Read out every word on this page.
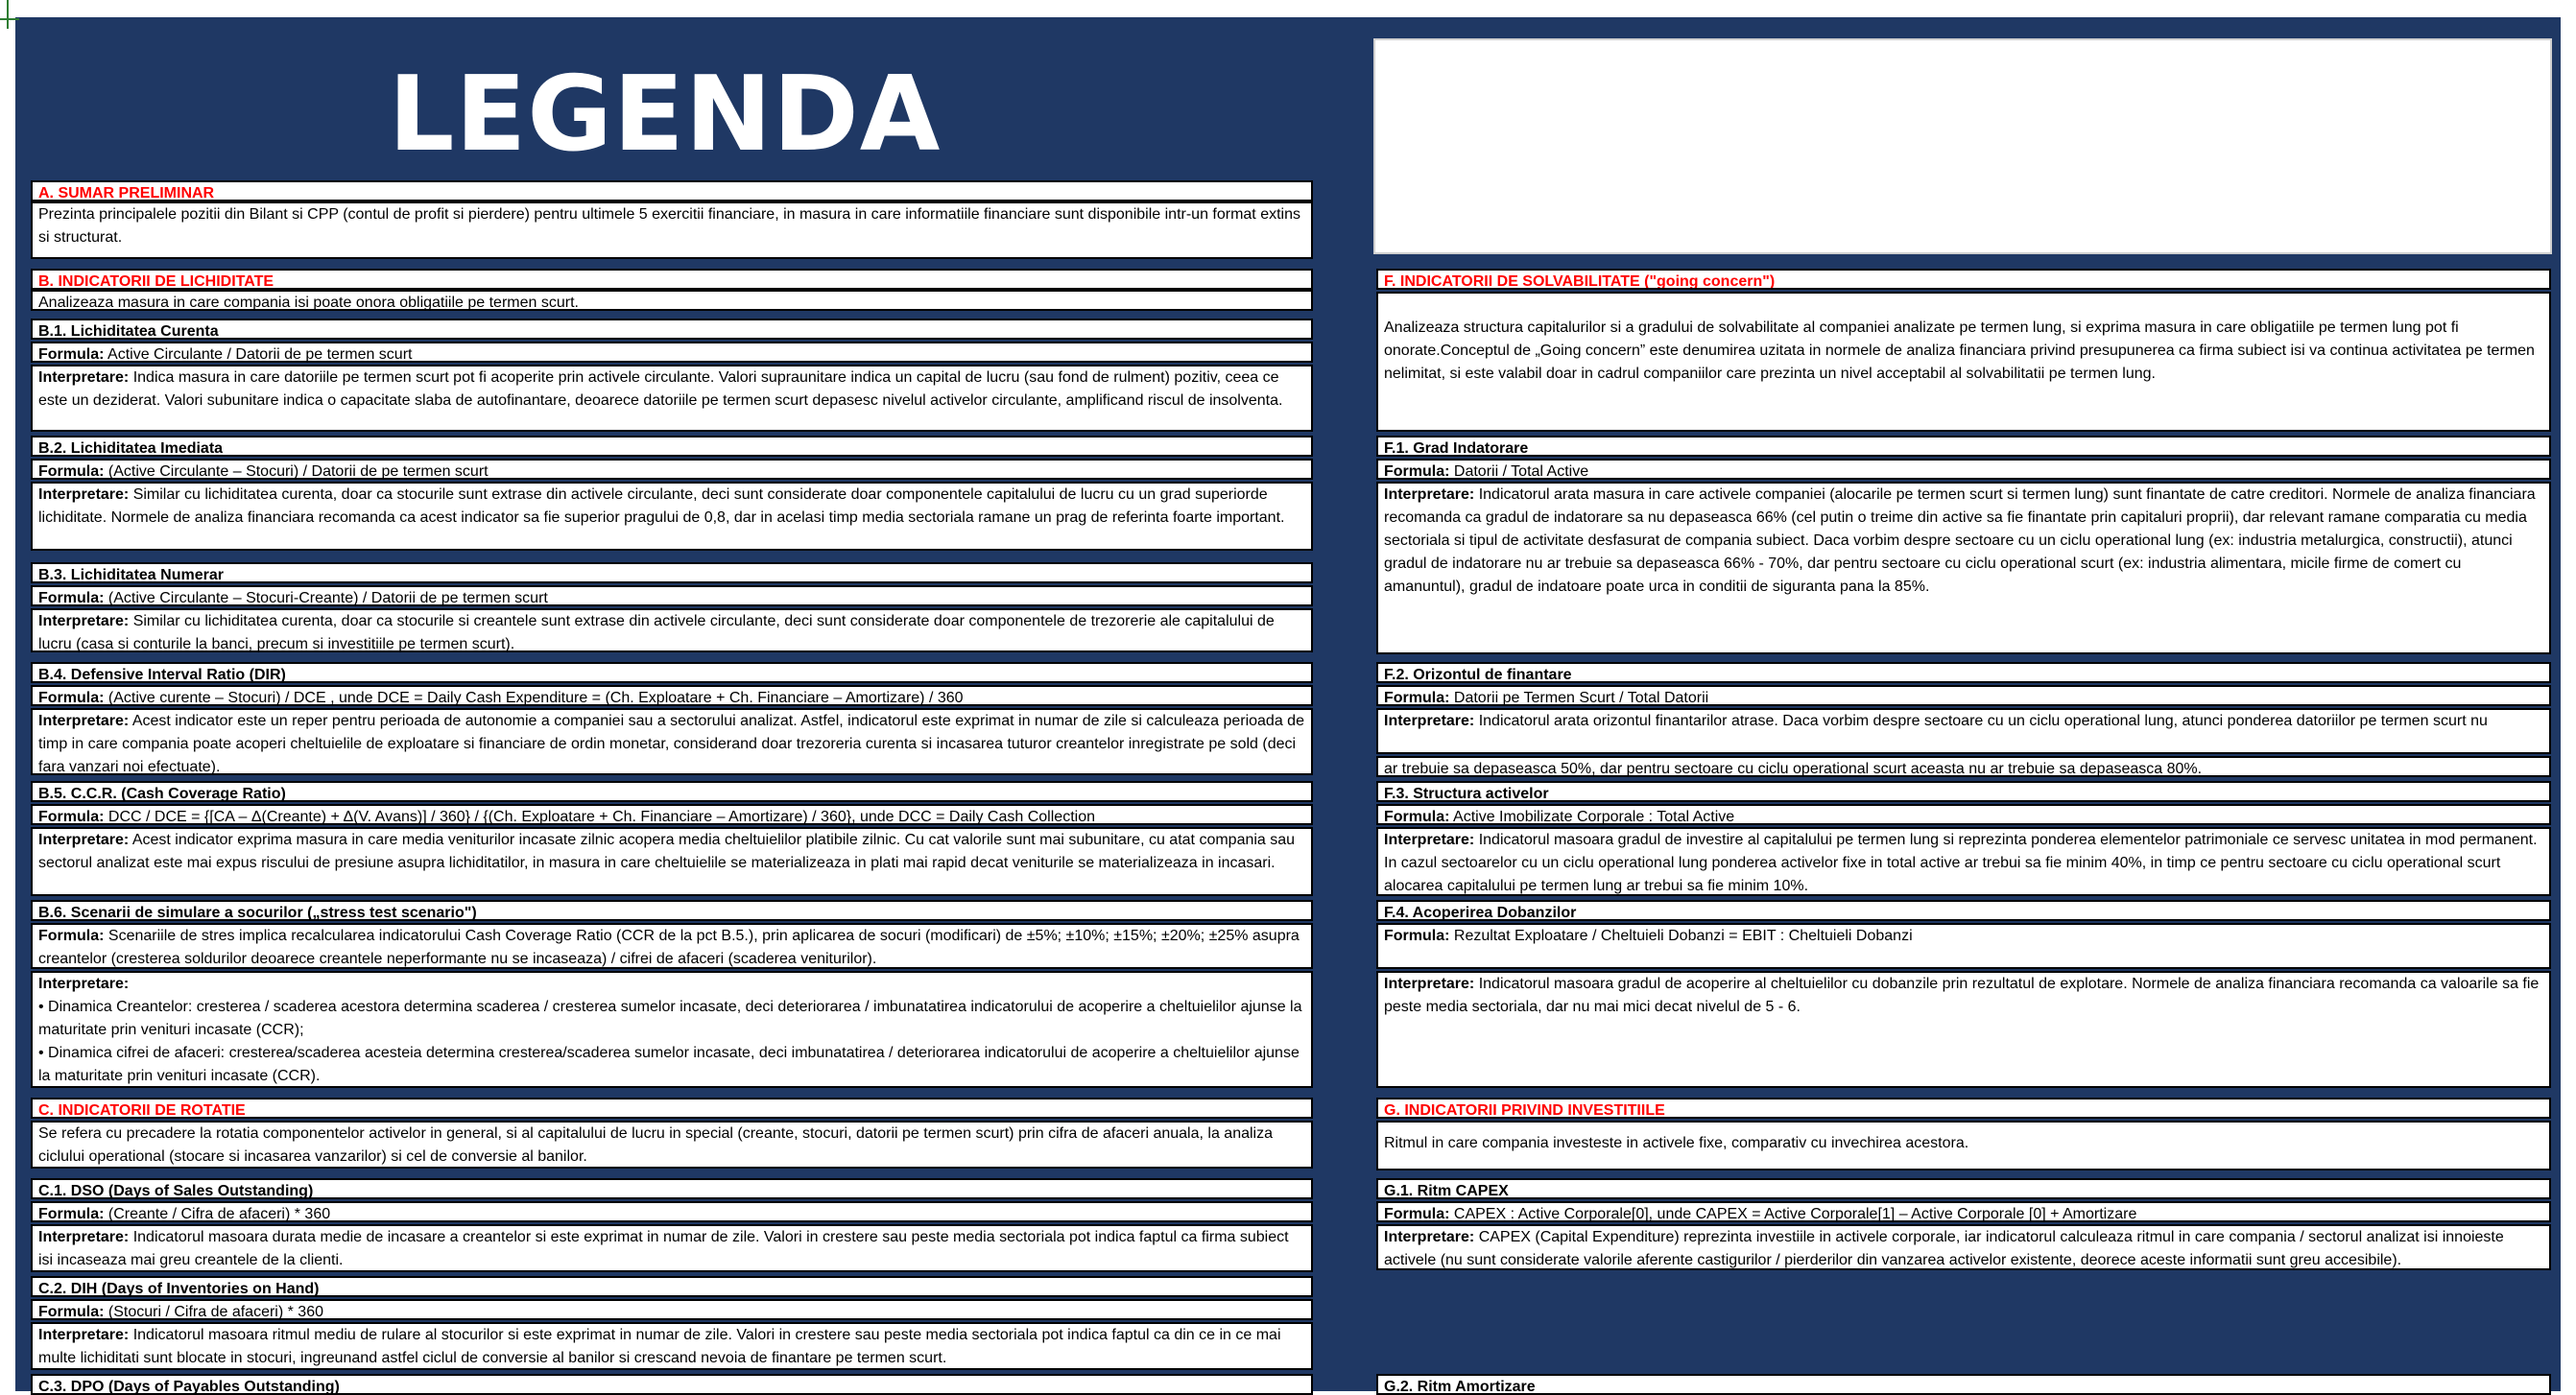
LEGENDA
A. SUMAR PRELIMINAR
Prezinta principalele pozitii din Bilant si CPP (contul de profit si pierdere) pentru ultimele 5 exercitii financiare, in masura in care informatiile financiare sunt disponibile intr-un format extins si structurat.
B. INDICATORII DE LICHIDITATE
Analizeaza masura in care compania isi poate onora obligatiile pe termen scurt.
B.1. Lichiditatea Curenta
Formula: Active Circulante / Datorii de pe termen scurt
Interpretare: Indica masura in care datoriile pe termen scurt pot fi acoperite prin activele circulante. Valori supraunitare indica un capital de lucru (sau fond de rulment) pozitiv, ceea ce este un deziderat. Valori subunitare indica o capacitate slaba de autofinantare, deoarece datoriile pe termen scurt depasesc nivelul activelor circulante, amplificand riscul de insolventa.
B.2. Lichiditatea Imediata
Formula: (Active Circulante – Stocuri) / Datorii de pe termen scurt
Interpretare: Similar cu lichiditatea curenta, doar ca stocurile sunt extrase din activele circulante, deci sunt considerate doar componentele capitalului de lucru cu un grad superiorde lichiditate. Normele de analiza financiara recomanda ca acest indicator sa fie superior pragului de 0,8, dar in acelasi timp media sectoriala ramane un prag de referinta foarte important.
B.3. Lichiditatea Numerar
Formula: (Active Circulante – Stocuri-Creante) / Datorii de pe termen scurt
Interpretare: Similar cu lichiditatea curenta, doar ca stocurile si creantele sunt extrase din activele circulante, deci sunt considerate doar componentele de trezorerie ale capitalului de lucru (casa si conturile la banci, precum si investitiile pe termen scurt).
B.4. Defensive Interval Ratio (DIR)
Formula: (Active curente – Stocuri) / DCE , unde DCE = Daily Cash Expenditure = (Ch. Exploatare + Ch. Financiare – Amortizare) / 360
Interpretare: Acest indicator este un reper pentru perioada de autonomie a companiei sau a sectorului analizat. Astfel, indicatorul este exprimat in numar de zile si calculeaza perioada de timp in care compania poate acoperi cheltuielile de exploatare si financiare de ordin monetar, considerand doar trezoreria curenta si incasarea tuturor creantelor inregistrate pe sold (deci fara vanzari noi efectuate).
B.5. C.C.R. (Cash Coverage Ratio)
Formula: DCC / DCE = {[CA – Δ(Creante) + Δ(V. Avans)] / 360} / {(Ch. Exploatare + Ch. Financiare – Amortizare) / 360}, unde DCC = Daily Cash Collection
Interpretare: Acest indicator exprima masura in care media veniturilor incasate zilnic acopera media cheltuielilor platibile zilnic. Cu cat valorile sunt mai subunitare, cu atat compania sau sectorul analizat este mai expus riscului de presiune asupra lichiditatilor, in masura in care cheltuielile se materializeaza in plati mai rapid decat veniturile se materializeaza in incasari.
B.6. Scenarii de simulare a socurilor („stress test scenario")
Formula: Scenariile de stres implica recalcularea indicatorului Cash Coverage Ratio (CCR de la pct B.5.), prin aplicarea de socuri (modificari) de ±5%; ±10%; ±15%; ±20%; ±25% asupra creantelor (cresterea soldurilor deoarece creantele neperformante nu se incaseaza) / cifrei de afaceri (scaderea veniturilor).
Interpretare:
• Dinamica Creantelor: cresterea / scaderea acestora determina scaderea / cresterea sumelor incasate, deci deteriorarea / imbunatatirea indicatorului de acoperire a cheltuielilor ajunse la maturitate prin venituri incasate (CCR);
• Dinamica cifrei de afaceri: cresterea/scaderea acesteia determina cresterea/scaderea sumelor incasate, deci imbunatatirea / deteriorarea indicatorului de acoperire a cheltuielilor ajunse la maturitate prin venituri incasate (CCR).
C. INDICATORII DE ROTATIE
Se refera cu precadere la rotatia componentelor activelor in general, si al capitalului de lucru in special (creante, stocuri, datorii pe termen scurt) prin cifra de afaceri anuala, la analiza ciclului operational (stocare si incasarea vanzarilor) si cel de conversie al banilor.
C.1. DSO (Days of Sales Outstanding)
Formula: (Creante / Cifra de afaceri) * 360
Interpretare: Indicatorul masoara durata medie de incasare a creantelor si este exprimat in numar de zile. Valori in crestere sau peste media sectoriala pot indica faptul ca firma subiect isi incaseaza mai greu creantele de la clienti.
C.2. DIH (Days of Inventories on Hand)
Formula: (Stocuri / Cifra de afaceri) * 360
Interpretare: Indicatorul masoara ritmul mediu de rulare al stocurilor si este exprimat in numar de zile. Valori in crestere sau peste media sectoriala pot indica faptul ca din ce in ce mai multe lichiditati sunt blocate in stocuri, ingreunand astfel ciclul de conversie al banilor si crescand nevoia de finantare pe termen scurt.
C.3. DPO (Days of Payables Outstanding)
F. INDICATORII DE SOLVABILITATE ("going concern")
Analizeaza structura capitalurilor si a gradului de solvabilitate al companiei analizate pe termen lung, si exprima masura in care obligatiile pe termen lung pot fi onorate.Conceptul de „Going concern” este denumirea uzitata in normele de analiza financiara privind presupunerea ca firma subiect isi va continua activitatea pe termen nelimitat, si este valabil doar in cadrul companiilor care prezinta un nivel acceptabil al solvabilitatii pe termen lung.
F.1. Grad Indatorare
Formula: Datorii / Total Active
Interpretare: Indicatorul arata masura in care activele companiei (alocarile pe termen scurt si termen lung) sunt finantate de catre creditori. Normele de analiza financiara recomanda ca gradul de indatorare sa nu depaseasca 66% (cel putin o treime din active sa fie finantate prin capitaluri proprii), dar relevant ramane comparatia cu media sectoriala si tipul de activitate desfasurat de compania subiect. Daca vorbim despre sectoare cu un ciclu operational lung (ex: industria metalurgica, constructii), atunci gradul de indatorare nu ar trebuie sa depaseasca 66% - 70%, dar pentru sectoare cu ciclu operational scurt (ex: industria alimentara, micile firme de comert cu amanuntul), gradul de indatoare poate urca in conditii de siguranta pana la 85%.
F.2. Orizontul de finantare
Formula: Datorii pe Termen Scurt / Total Datorii
Interpretare: Indicatorul arata orizontul finantarilor atrase. Daca vorbim despre sectoare cu un ciclu operational lung, atunci ponderea datoriilor pe termen scurt nu
ar trebuie sa depaseasca 50%, dar pentru sectoare cu ciclu operational scurt aceasta nu ar trebuie sa depaseasca 80%.
F.3. Structura activelor
Formula: Active Imobilizate Corporale : Total Active
Interpretare: Indicatorul masoara gradul de investire al capitalului pe termen lung si reprezinta ponderea elementelor patrimoniale ce servesc unitatea in mod permanent. In cazul sectoarelor cu un ciclu operational lung ponderea activelor fixe in total active ar trebui sa fie minim 40%, in timp ce pentru sectoare cu ciclu operational scurt alocarea capitalului pe termen lung ar trebui sa fie minim 10%.
F.4. Acoperirea Dobanzilor
Formula: Rezultat Exploatare / Cheltuieli Dobanzi = EBIT : Cheltuieli Dobanzi
Interpretare: Indicatorul masoara gradul de acoperire al cheltuielilor cu dobanzile prin rezultatul de explotare. Normele de analiza financiara recomanda ca valoarile sa fie peste media sectoriala, dar nu mai mici decat nivelul de 5 - 6.
G. INDICATORII PRIVIND INVESTITIILE
Ritmul in care compania investeste in activele fixe, comparativ cu invechirea acestora.
G.1. Ritm CAPEX
Formula: CAPEX : Active Corporale[0], unde CAPEX = Active Corporale[1] – Active Corporale [0] + Amortizare
Interpretare: CAPEX (Capital Expenditure) reprezinta investiile in activele corporale, iar indicatorul calculeaza ritmul in care compania / sectorul analizat isi innoieste activele (nu sunt considerate valorile aferente castigurilor / pierderilor din vanzarea activelor existente, deorece aceste informatii sunt greu accesibile).
G.2. Ritm Amortizare
